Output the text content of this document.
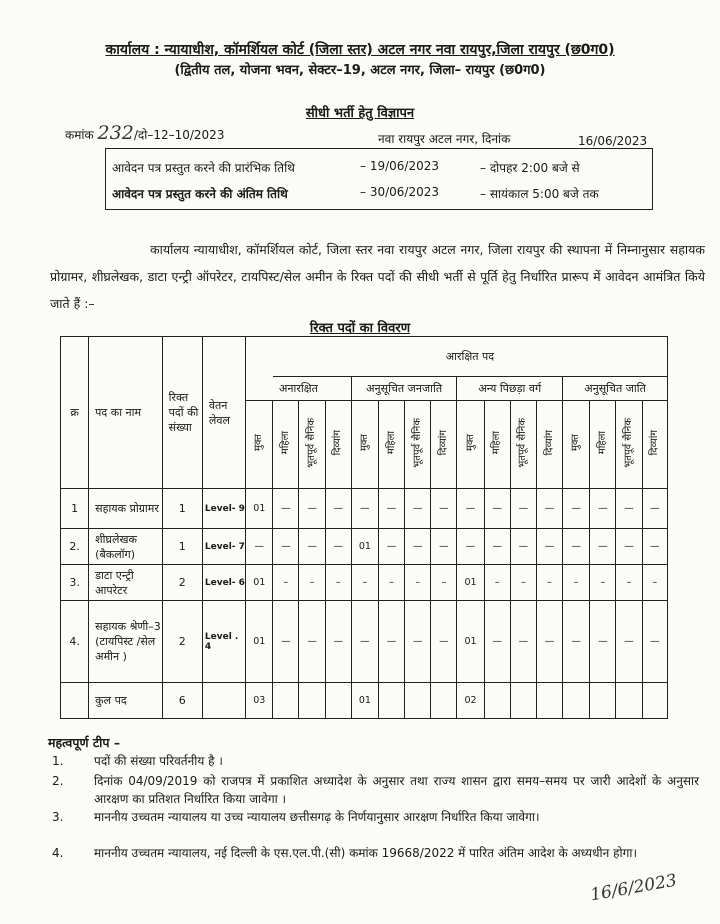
कार्यालय : न्यायाधीश, कॉमर्शियल कोर्ट (जिला स्तर) अटल नगर नवा रायपुर,जिला रायपुर (छ0ग0)
(द्वितीय तल, योजना भवन, सेक्टर–19, अटल नगर, जिला– रायपुर (छ0ग0)
सीधी भर्ती हेतु विज्ञापन
कमांक 232/दो–12–10/2023	नवा रायपुर अटल नगर, दिनांक	16/06/2023
आवेदन पत्र प्रस्तुत करने की प्रारंभिक तिथि	– 19/06/2023	– दोपहर 2:00 बजे से
आवेदन पत्र प्रस्तुत करने की अंतिम तिथि	– 30/06/2023	– सायंकाल 5:00 बजे तक
कार्यालय न्यायाधीश, कॉमर्शियल कोर्ट, जिला स्तर नवा रायपुर अटल नगर, जिला रायपुर की स्थापना में निम्नानुसार सहायक प्रोग्रामर, शीघ्रलेखक, डाटा एन्ट्री ऑपरेटर, टायपिस्ट/सेल अमीन के रिक्त पदों की सीधी भर्ती से पूर्ति हेतु निर्धारित प्रारूप में आवेदन आमंत्रित किये जाते हैं :–
रिक्त पदों का विवरण
क्र	पद का नाम	रिक्त पदों की संख्या	वेतन लेवल		आरक्षित पद														
				अनारक्षित				अनुसूचित जनजाति				अन्य पिछड़ा वर्ग				अनुसूचित जाति			
				मुक्त	महिला	भूतपूर्व सैनिक	दिव्यांग	मुक्त	महिला	भूतपूर्व सैनिक	दिव्यांग	मुक्त	महिला	भूतपूर्व सैनिक	दिव्यांग	मुक्त	महिला	भूतपूर्व सैनिक	दिव्यांग
1	सहायक प्रोग्रामर	1	Level- 9	01	—	—	—	—	—	—	—	—	—	—	—	—	—	—	—
2.	शीघ्रलेखक (बैकलॉग)	1	Level- 7	—	—	—	—	01	—	—	—	—	—	—	—	—	—	—	—
3.	डाटा एन्ट्री आपरेटर	2	Level- 6	01	–	–	–	–	–	–	–	01	–	–	–	–	–	–	–
4.	सहायक श्रेणी–3 (टायपिस्ट /सेल अमीन )	2	Level . 4	01	—	—	—	—	—	—	—	01	—	—	—	—	—	—	—
	कुल पद	6		03				01				02							
महत्वपूर्ण टीप –
1.	पदों की संख्या परिवर्तनीय है ।
2.	दिनांक 04/09/2019 को राजपत्र में प्रकाशित अध्यादेश के अनुसार तथा राज्य शासन द्वारा समय–समय पर जारी आदेशों के अनुसार आरक्षण का प्रतिशत निर्धारित किया जावेगा ।
3.	माननीय उच्चतम न्यायालय या उच्च न्यायालय छत्तीसगढ़ के निर्णयानुसार आरक्षण निर्धारित किया जावेगा।
4.	माननीय उच्चतम न्यायालय, नई दिल्ली के एस.एल.पी.(सी) कमांक 19668/2022 में पारित अंतिम आदेश के अध्यधीन होगा।
16/6/2023
